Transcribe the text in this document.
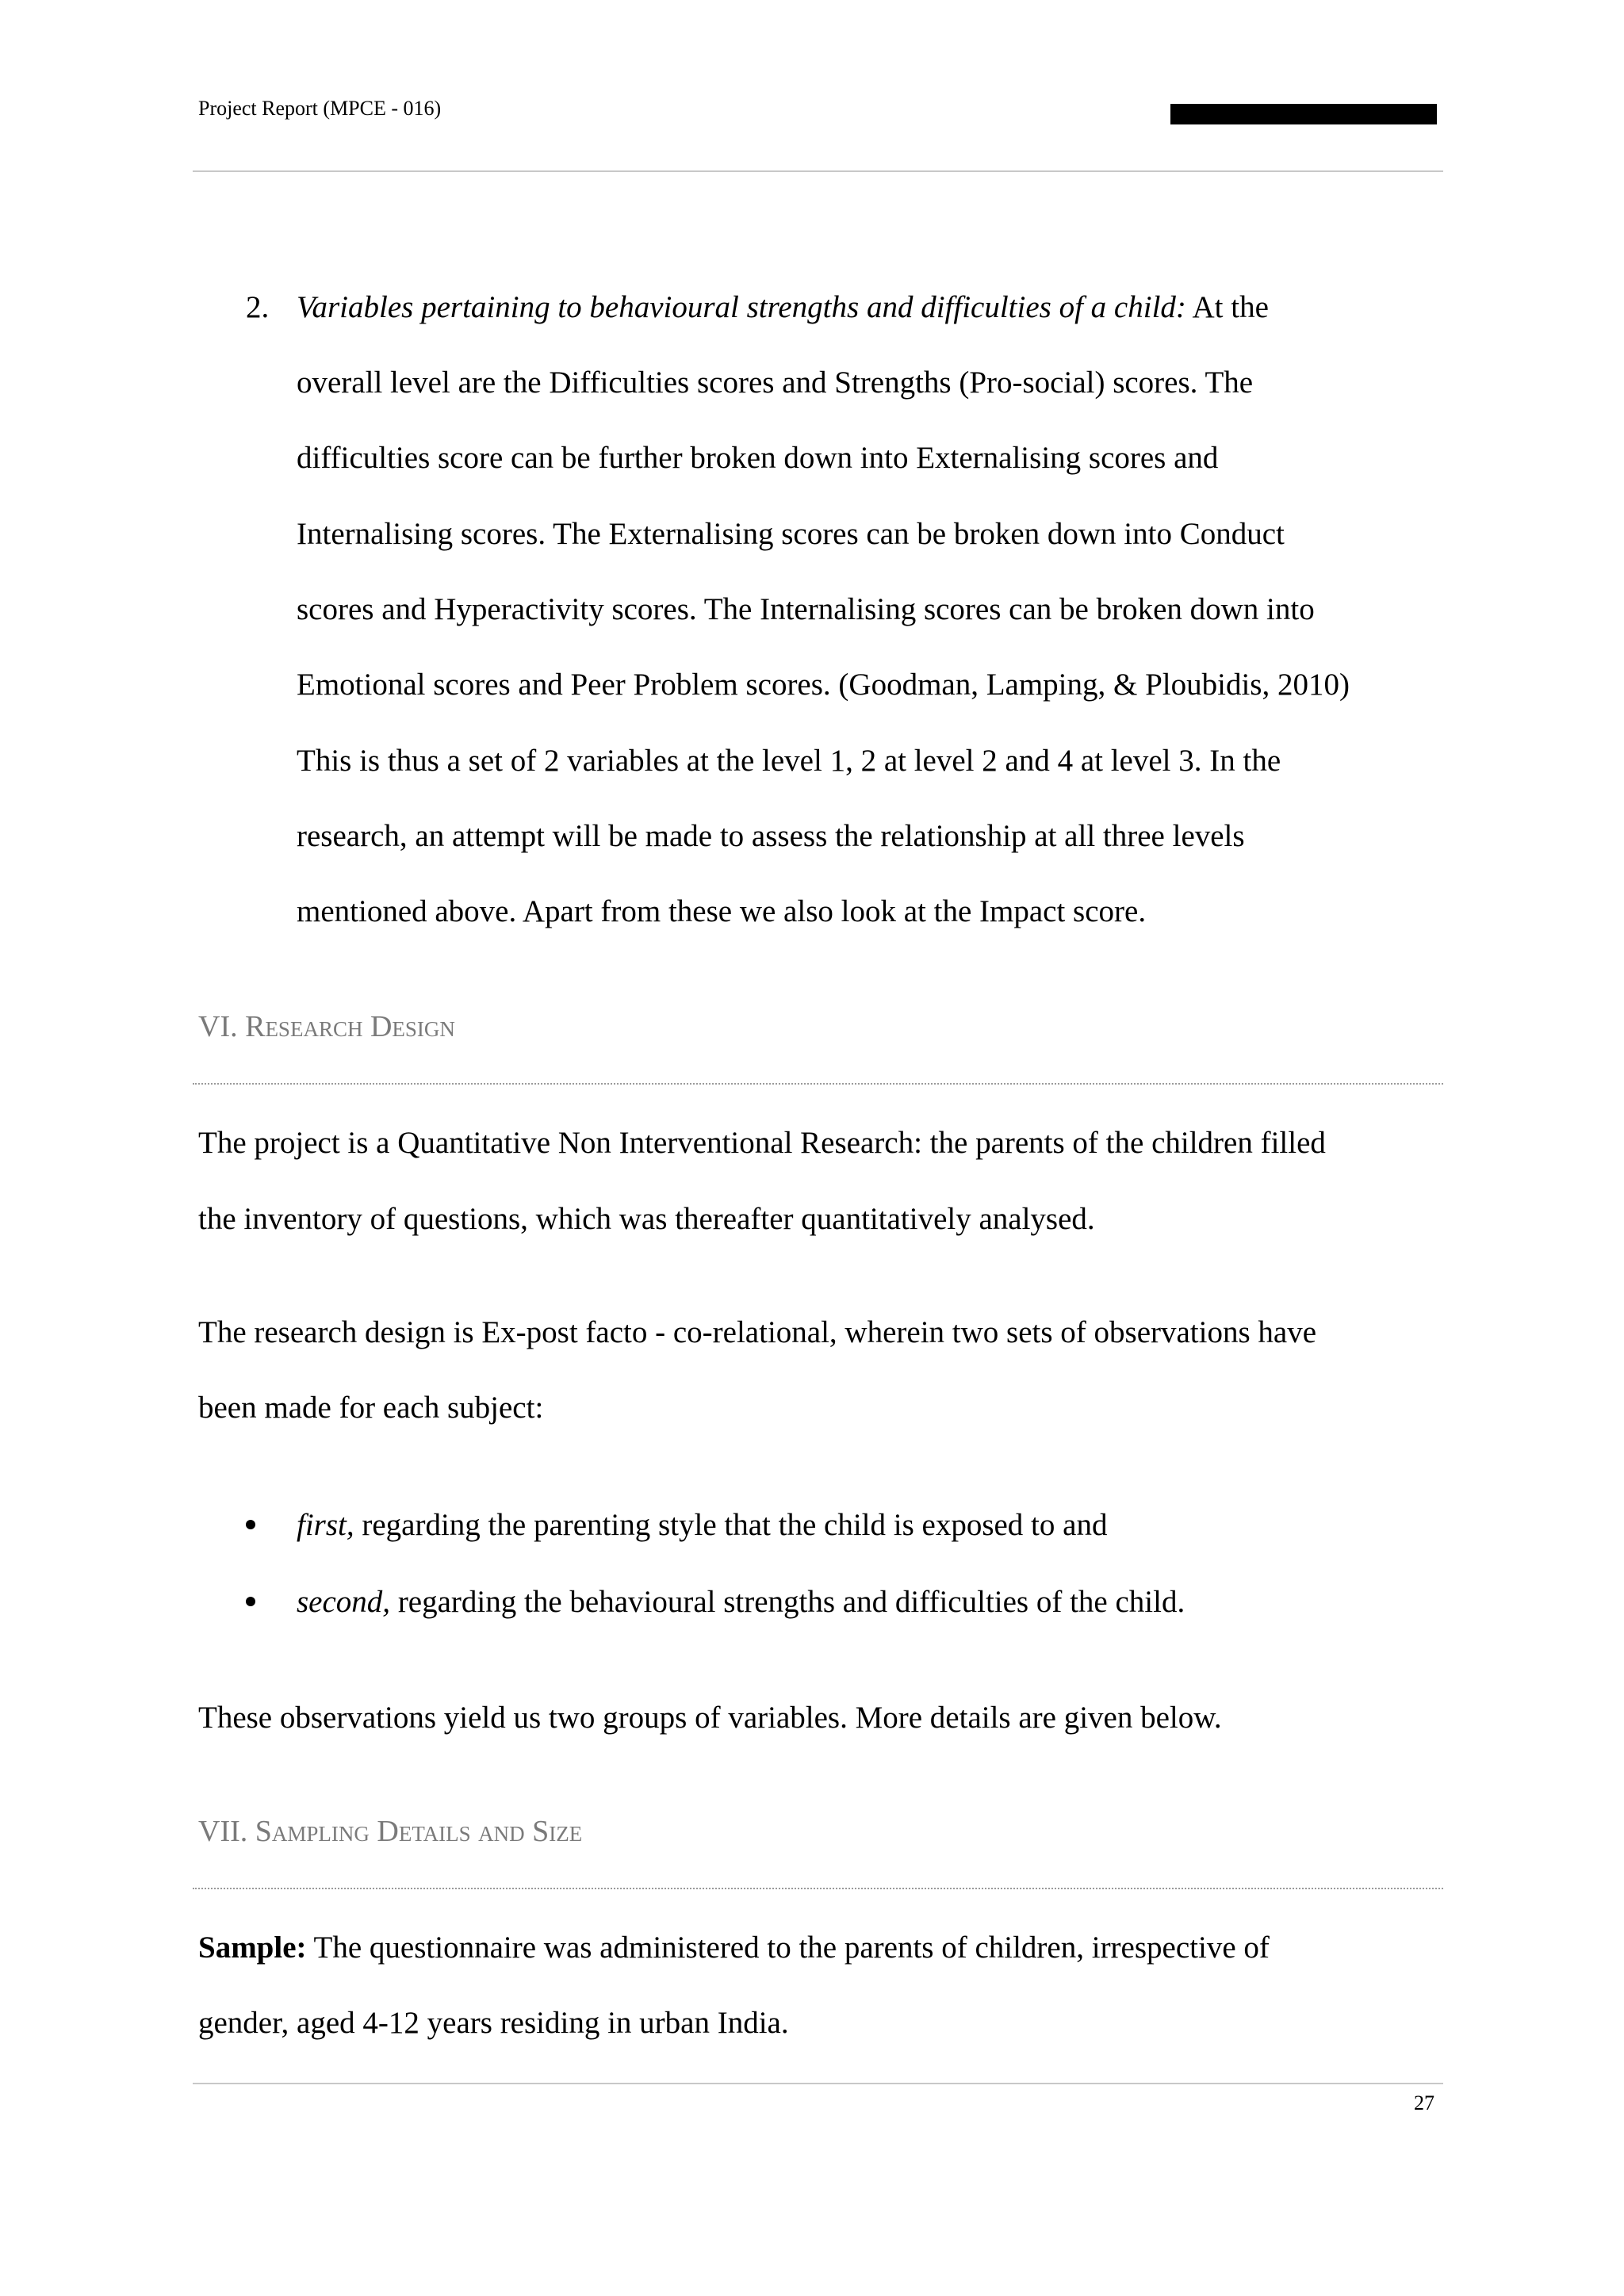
Project Report (MPCE - 016)
2. Variables pertaining to behavioural strengths and difficulties of a child: At the
overall level are the Difficulties scores and Strengths (Pro-social) scores. The
difficulties score can be further broken down into Externalising scores and
Internalising scores. The Externalising scores can be broken down into Conduct
scores and Hyperactivity scores. The Internalising scores can be broken down into
Emotional scores and Peer Problem scores. (Goodman, Lamping, & Ploubidis, 2010)
This is thus a set of 2 variables at the level 1, 2 at level 2 and 4 at level 3. In the
research, an attempt will be made to assess the relationship at all three levels
mentioned above. Apart from these we also look at the Impact score.
VI. Research Design
The project is a Quantitative Non Interventional Research: the parents of the children filled
the inventory of questions, which was thereafter quantitatively analysed.
The research design is Ex-post facto - co-relational, wherein two sets of observations have
been made for each subject:
first, regarding the parenting style that the child is exposed to and
second, regarding the behavioural strengths and difficulties of the child.
These observations yield us two groups of variables. More details are given below.
VII. Sampling Details and Size
Sample: The questionnaire was administered to the parents of children, irrespective of
gender, aged 4-12 years residing in urban India.
27
